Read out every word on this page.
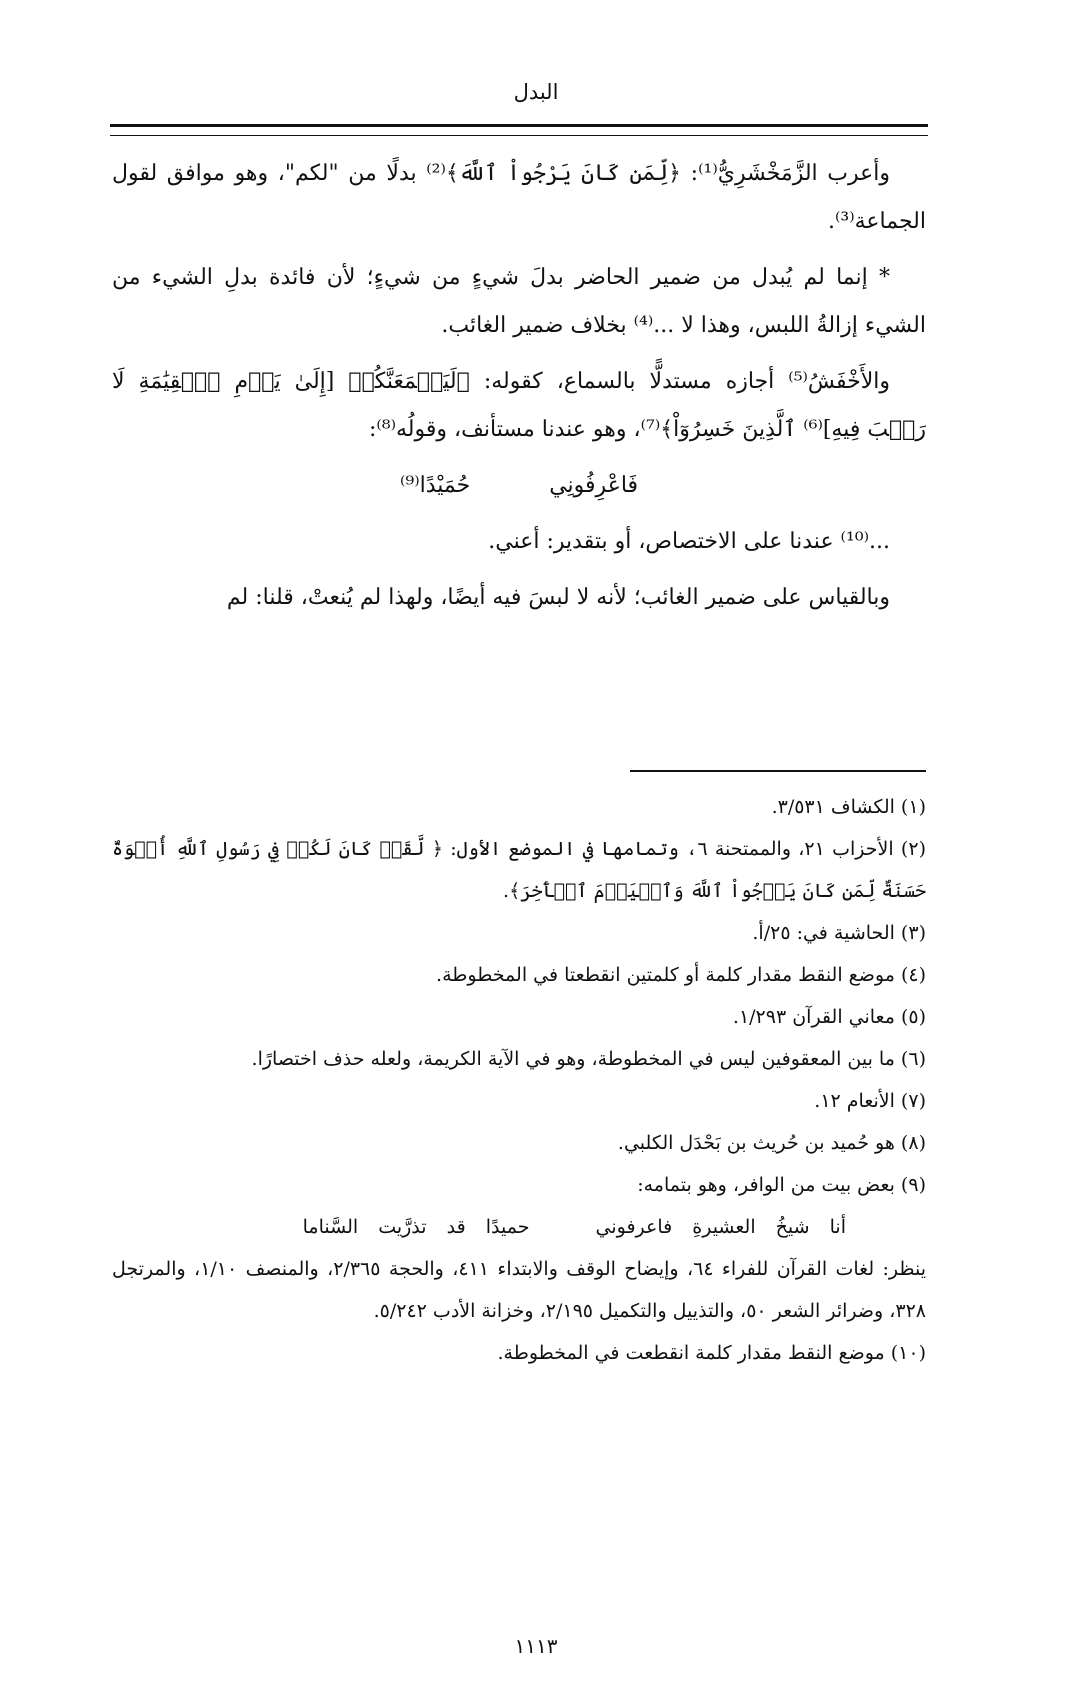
البدل

وأعرب الزَّمَخْشَرِيُّ⁽¹⁾: ﴿لِّمَن كَانَ يَرْجُواْ ٱللَّهَ﴾⁽²⁾ بدلًا من "لكم"، وهو موافق لقول الجماعة⁽³⁾.

* إنما لم يُبدل من ضمير الحاضر بدلَ شيءٍ من شيءٍ؛ لأن فائدة بدلِ الشيء من الشيء إزالةُ اللبس، وهذا لا ...⁽⁴⁾ بخلاف ضمير الغائب.

والأَخْفَشُ⁽⁵⁾ أجازه مستدلًّا بالسماع، كقوله: ﴿لَيَجۡمَعَنَّكُمۡ [إِلَىٰ يَوۡمِ ٱلۡقِيَٰمَةِ لَا رَيۡبَ فِيهِ]⁽⁶⁾ ٱلَّذِينَ خَسِرُوٓاْ﴾⁽⁷⁾، وهو عندنا مستأنف، وقولُه⁽⁸⁾:

فَاعْرِفُونِي حُمَيْدًا⁽⁹⁾

...⁽¹⁰⁾ عندنا على الاختصاص، أو بتقدير: أعني.

وبالقياس على ضمير الغائب؛ لأنه لا لبسَ فيه أيضًا، ولهذا لم يُنعتْ، قلنا: لم

(١) الكشاف ٣/٥٣١.

(٢) الأحزاب ٢١، والممتحنة ٦، وتمامها في الموضع الأول: ﴿ لَّقَدۡ كَانَ لَكُمۡ فِي رَسُولِ ٱللَّهِ أُسۡوَةٌ حَسَنَةٌ لِّمَن كَانَ يَرۡجُواْ ٱللَّهَ وَٱلۡيَوۡمَ ٱلۡأٓخِرَ﴾.

(٣) الحاشية في: ٢٥/أ.

(٤) موضع النقط مقدار كلمة أو كلمتين انقطعتا في المخطوطة.

(٥) معاني القرآن ١/٢٩٣.

(٦) ما بين المعقوفين ليس في المخطوطة، وهو في الآية الكريمة، ولعله حذف اختصارًا.

(٧) الأنعام ١٢.

(٨) هو حُميد بن حُريث بن بَحْدَل الكلبي.

(٩) بعض بيت من الوافر، وهو بتمامه:

أنا شيخُ العشيرةِ فاعرفوني حميدًا قد تذرَّيت السَّناما

ينظر: لغات القرآن للفراء ٦٤، وإيضاح الوقف والابتداء ٤١١، والحجة ٢/٣٦٥، والمنصف ١/١٠، والمرتجل ٣٢٨، وضرائر الشعر ٥٠، والتذييل والتكميل ٢/١٩٥، وخزانة الأدب ٥/٢٤٢.

(١٠) موضع النقط مقدار كلمة انقطعت في المخطوطة.

١١١٣
